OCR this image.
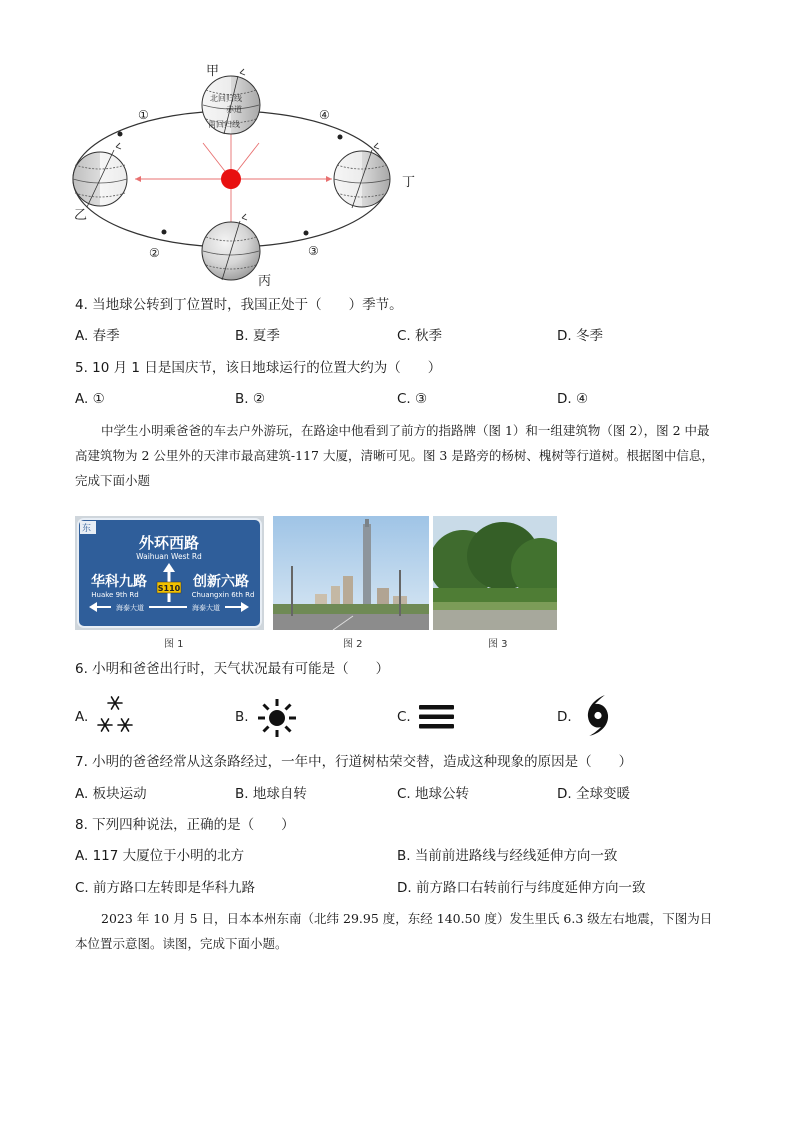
北回归线
赤道
南回归线
甲
乙
丙
丁
①
②	③
④
4. 当地球公转到丁位置时，我国正处于（　　）季节。
A. 春季	B. 夏季	C. 秋季	D. 冬季
5. 10 月 1 日是国庆节，该日地球运行的位置大约为（　　）
A. ①	B. ②	C. ③	D. ④
中学生小明乘爸爸的车去户外游玩，在路途中他看到了前方的指路牌（图 1）和一组建筑物（图 2），图 2 中最高建筑物为 2 公里外的天津市最高建筑-117 大厦，清晰可见。图 3 是路旁的杨树、槐树等行道树。根据图中信息，完成下面小题
东
外环西路
Waihuan West Rd
S110
华科九路
Huake 9th Rd
创新六路
Chuangxin 6th Rd
海泰大道	海泰大道
图 1	图 2	图 3
6. 小明和爸爸出行时，天气状况最有可能是（　　）
A.	B.	C.	D.
7. 小明的爸爸经常从这条路经过，一年中，行道树枯荣交替，造成这种现象的原因是（　　）
A. 板块运动	B. 地球自转	C. 地球公转	D. 全球变暖
8. 下列四种说法，正确的是（　　）
A. 117 大厦位于小明的北方	B. 当前前进路线与经线延伸方向一致
C. 前方路口左转即是华科九路	D. 前方路口右转前行与纬度延伸方向一致
2023 年 10 月 5 日，日本本州东南（北纬 29.95 度，东经 140.50 度）发生里氏 6.3 级左右地震，下图为日本位置示意图。读图，完成下面小题。
